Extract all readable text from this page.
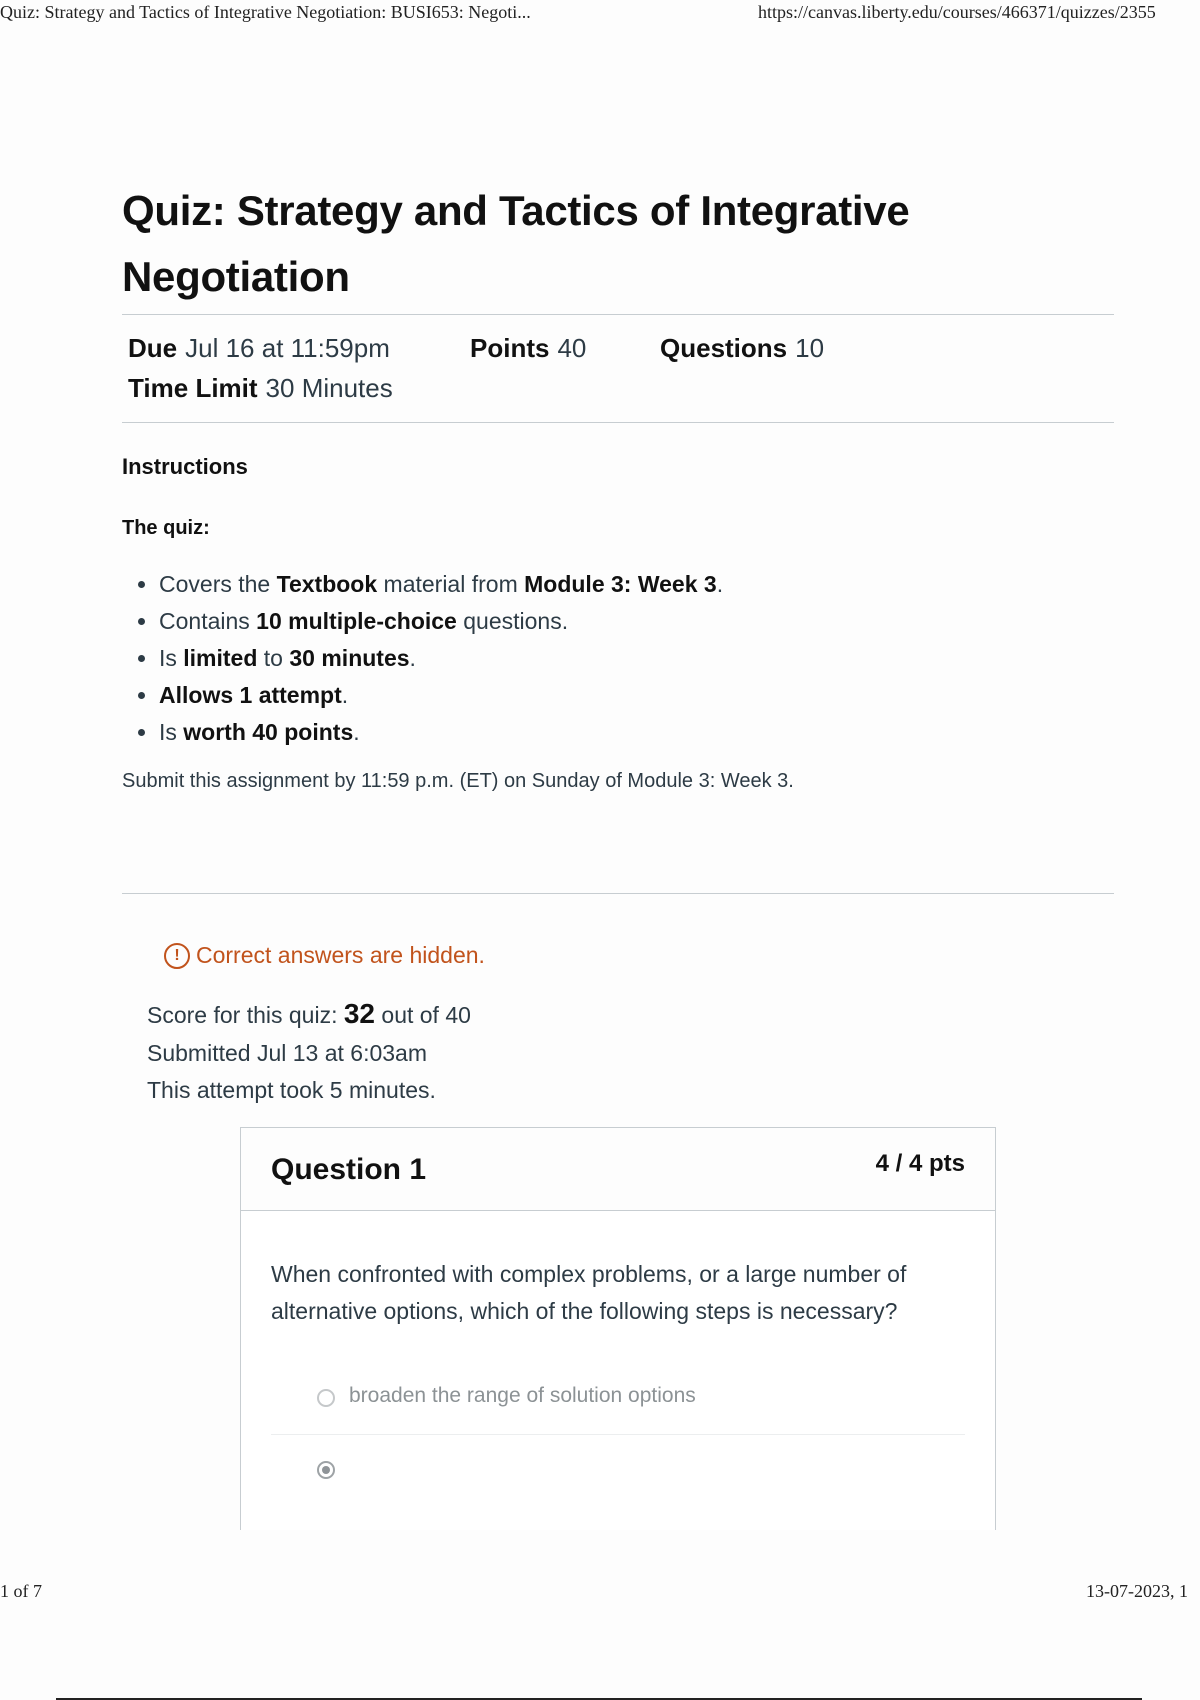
Quiz: Strategy and Tactics of Integrative Negotiation: BUSI653: Negoti...	https://canvas.liberty.edu/courses/466371/quizzes/2355
Quiz: Strategy and Tactics of Integrative Negotiation
Due Jul 16 at 11:59pm	Points 40	Questions 10
Time Limit 30 Minutes
Instructions
The quiz:
• Covers the Textbook material from Module 3: Week 3.
• Contains 10 multiple-choice questions.
• Is limited to 30 minutes.
• Allows 1 attempt.
• Is worth 40 points.
Submit this assignment by 11:59 p.m. (ET) on Sunday of Module 3: Week 3.
! Correct answers are hidden.
Score for this quiz: 32 out of 40
Submitted Jul 13 at 6:03am
This attempt took 5 minutes.
Question 1	4 / 4 pts
When confronted with complex problems, or a large number of alternative options, which of the following steps is necessary?
broaden the range of solution options
1 of 7	13-07-2023, 1
